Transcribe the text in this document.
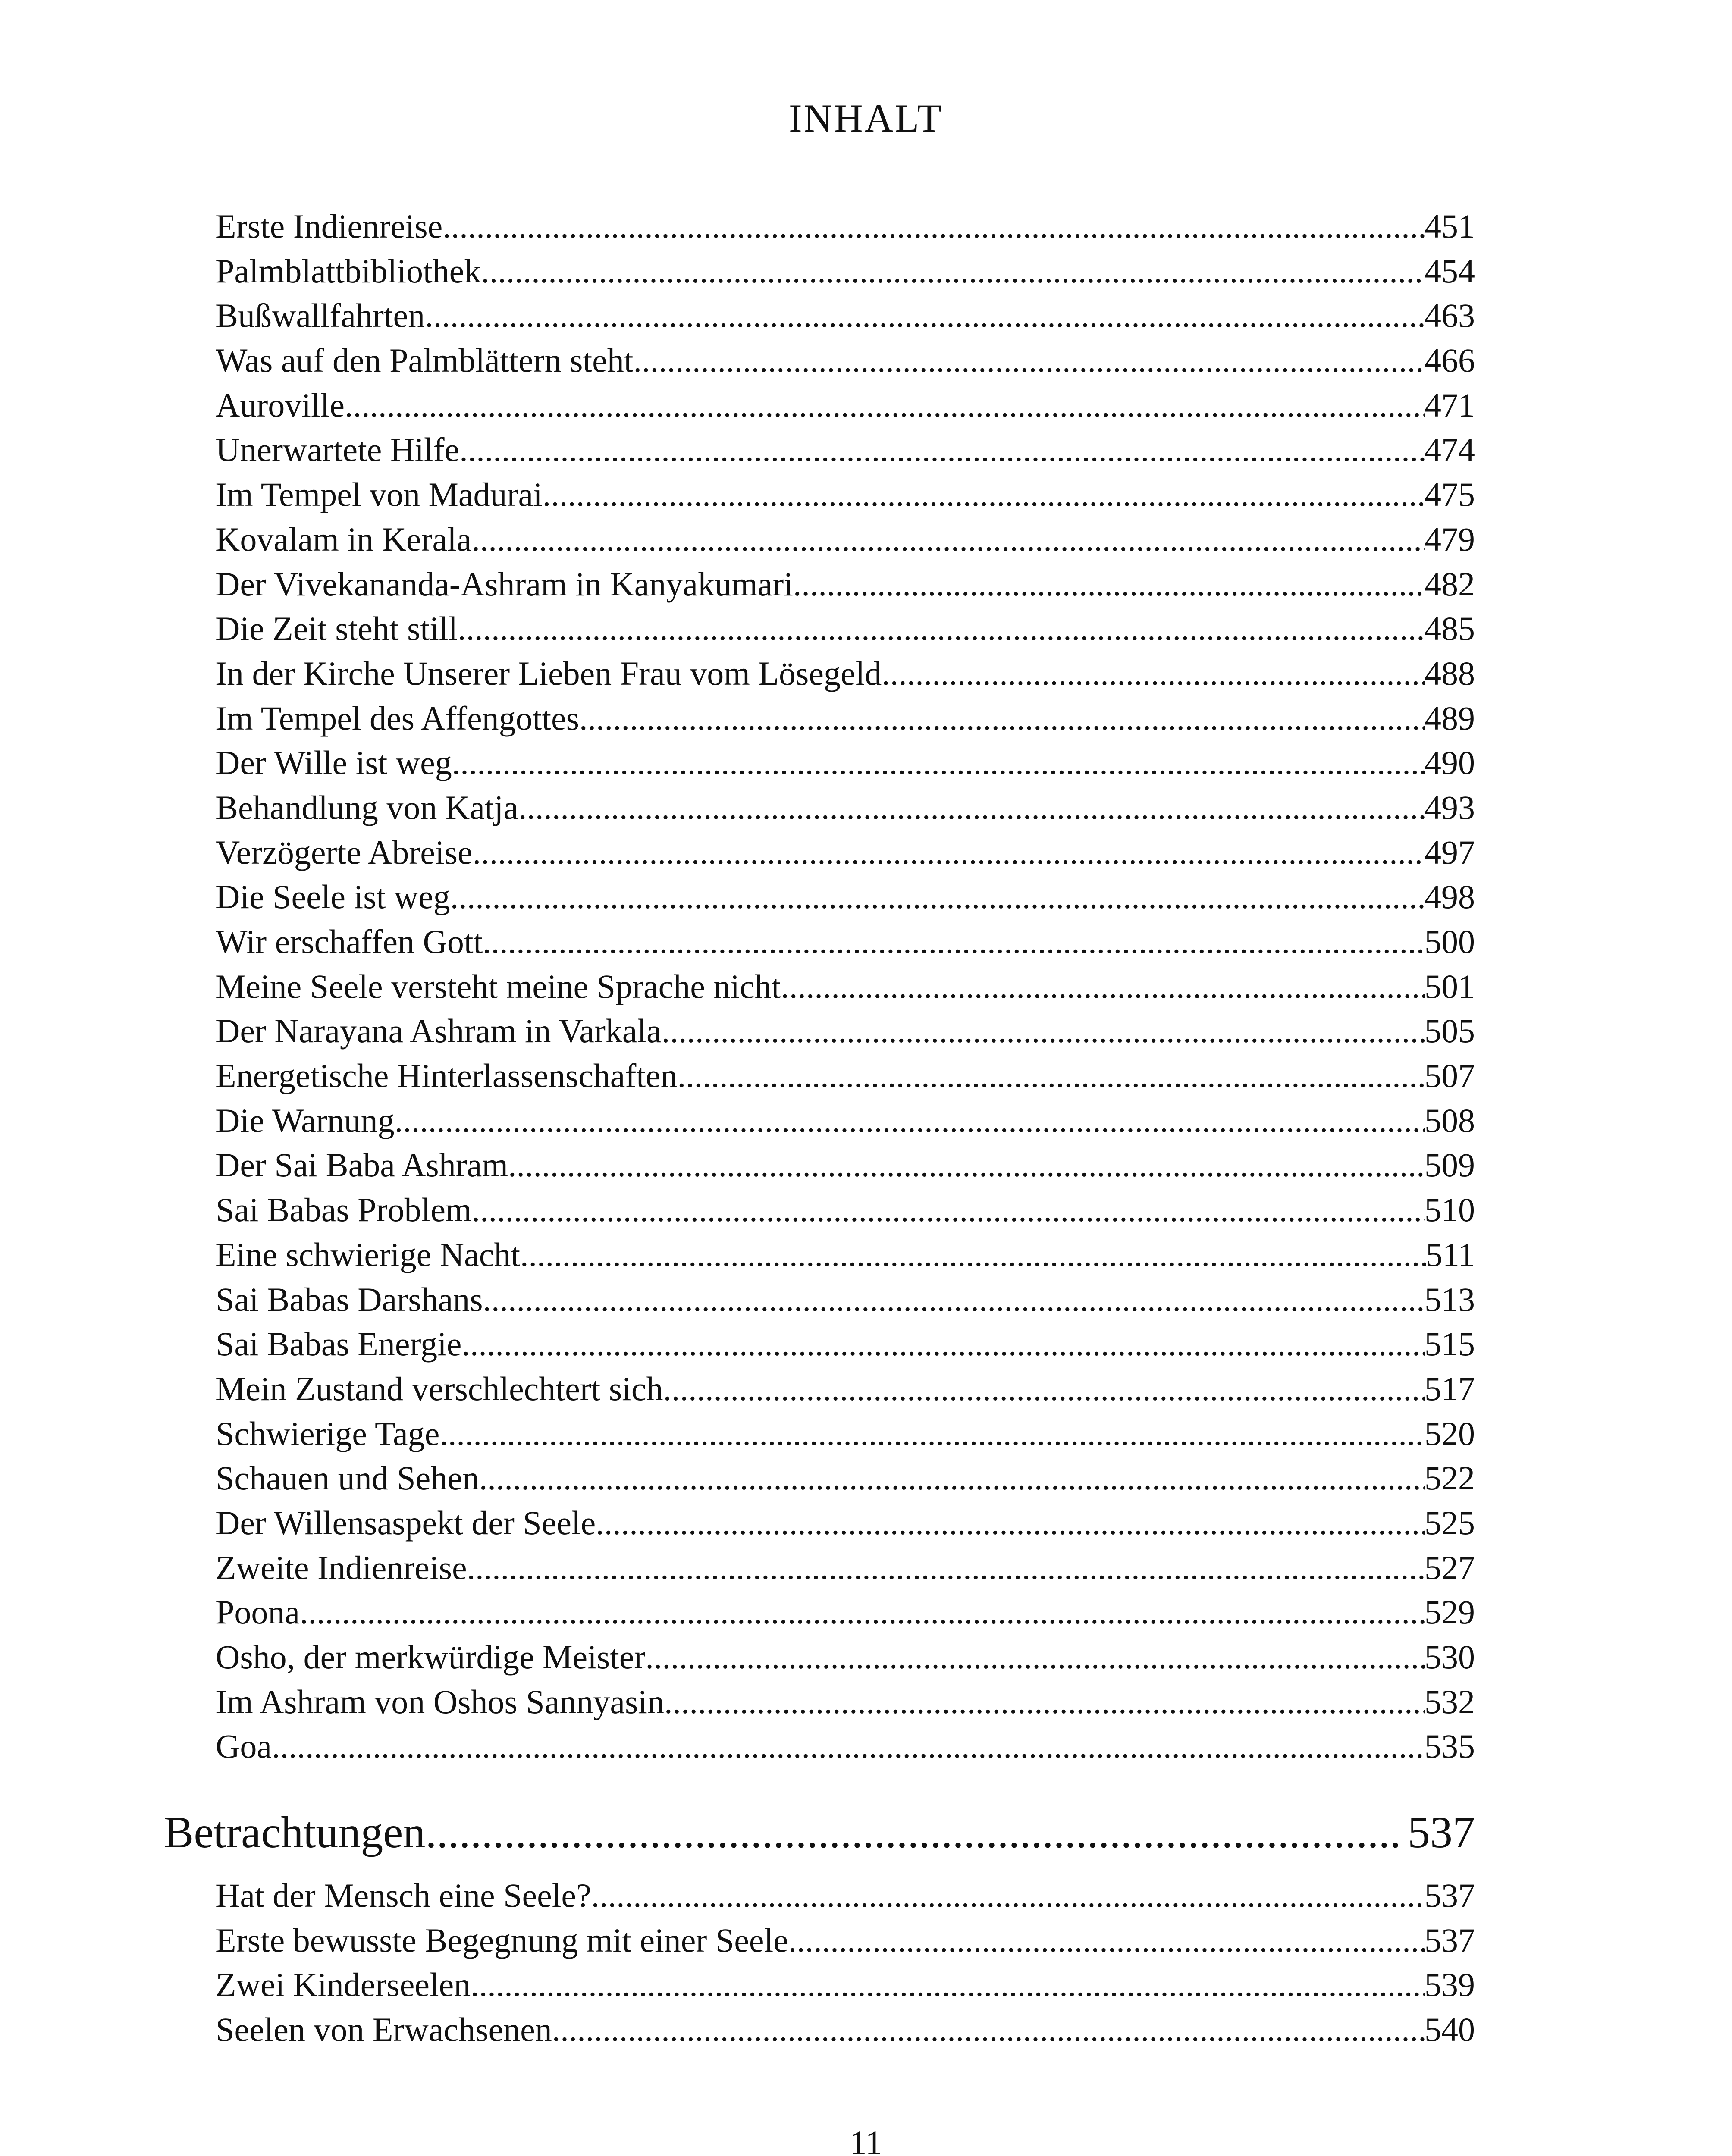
INHALT
Erste Indienreise .....	451
Palmblattbibliothek .....	454
Bußwallfahrten .....	463
Was auf den Palmblättern steht .....	466
Auroville .....	471
Unerwartete Hilfe .....	474
Im Tempel von Madurai .....	475
Kovalam in Kerala .....	479
Der Vivekananda-Ashram in Kanyakumari .....	482
Die Zeit steht still .....	485
In der Kirche Unserer Lieben Frau vom Lösegeld .....	488
Im Tempel des Affengottes .....	489
Der Wille ist weg .....	490
Behandlung von Katja .....	493
Verzögerte Abreise .....	497
Die Seele ist weg .....	498
Wir erschaffen Gott .....	500
Meine Seele versteht meine Sprache nicht .....	501
Der Narayana Ashram in Varkala .....	505
Energetische Hinterlassenschaften .....	507
Die Warnung .....	508
Der Sai Baba Ashram .....	509
Sai Babas Problem .....	510
Eine schwierige Nacht .....	511
Sai Babas Darshans .....	513
Sai Babas Energie .....	515
Mein Zustand verschlechtert sich .....	517
Schwierige Tage .....	520
Schauen und Sehen .....	522
Der Willensaspekt der Seele .....	525
Zweite Indienreise .....	527
Poona .....	529
Osho, der merkwürdige Meister .....	530
Im Ashram von Oshos Sannyasin .....	532
Goa .....	535
Betrachtungen .....	537
Hat der Mensch eine Seele? .....	537
Erste bewusste Begegnung mit einer Seele .....	537
Zwei Kinderseelen .....	539
Seelen von Erwachsenen .....	540
11
